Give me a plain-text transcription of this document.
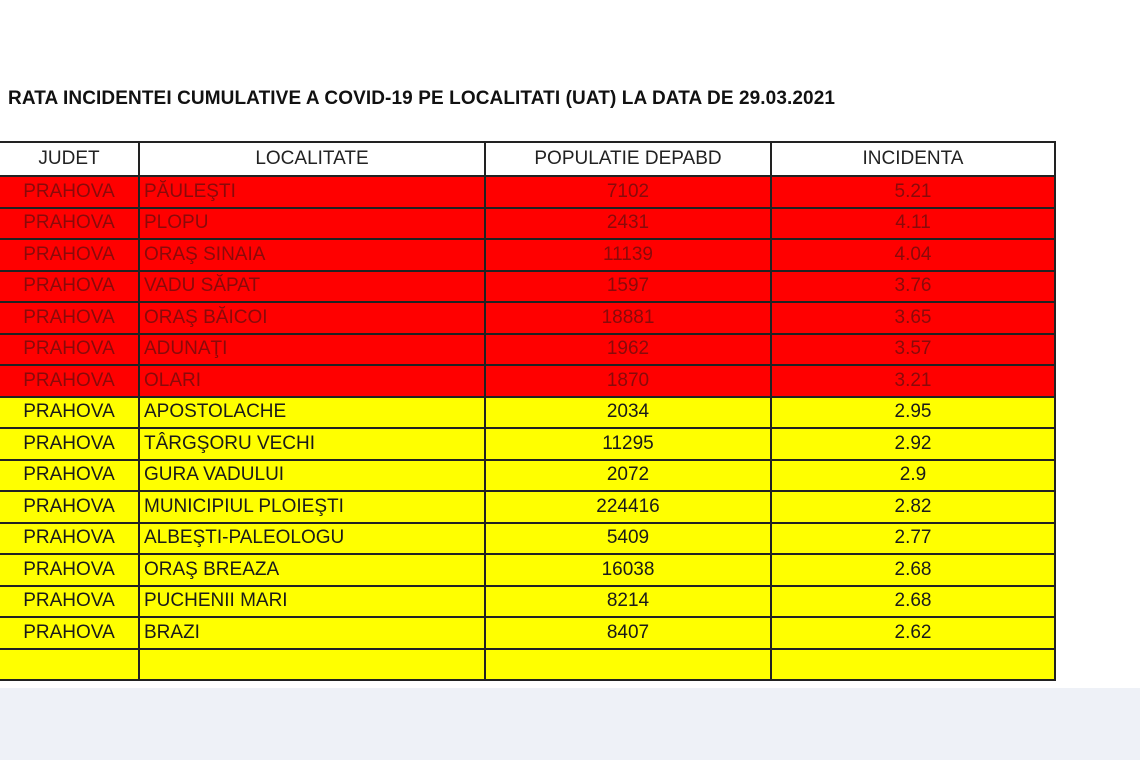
RATA INCIDENTEI CUMULATIVE A COVID-19 PE LOCALITATI (UAT) LA DATA DE 29.03.2021
JUDET	LOCALITATE	POPULATIE DEPABD	INCIDENTA
PRAHOVA	PĂULEŞTI	7102	5.21
PRAHOVA	PLOPU	2431	4.11
PRAHOVA	ORAŞ SINAIA	11139	4.04
PRAHOVA	VADU SĂPAT	1597	3.76
PRAHOVA	ORAŞ BĂICOI	18881	3.65
PRAHOVA	ADUNAŢI	1962	3.57
PRAHOVA	OLARI	1870	3.21
PRAHOVA	APOSTOLACHE	2034	2.95
PRAHOVA	TÂRGŞORU VECHI	11295	2.92
PRAHOVA	GURA VADULUI	2072	2.9
PRAHOVA	MUNICIPIUL PLOIEŞTI	224416	2.82
PRAHOVA	ALBEŞTI-PALEOLOGU	5409	2.77
PRAHOVA	ORAŞ BREAZA	16038	2.68
PRAHOVA	PUCHENII MARI	8214	2.68
PRAHOVA	BRAZI	8407	2.62
